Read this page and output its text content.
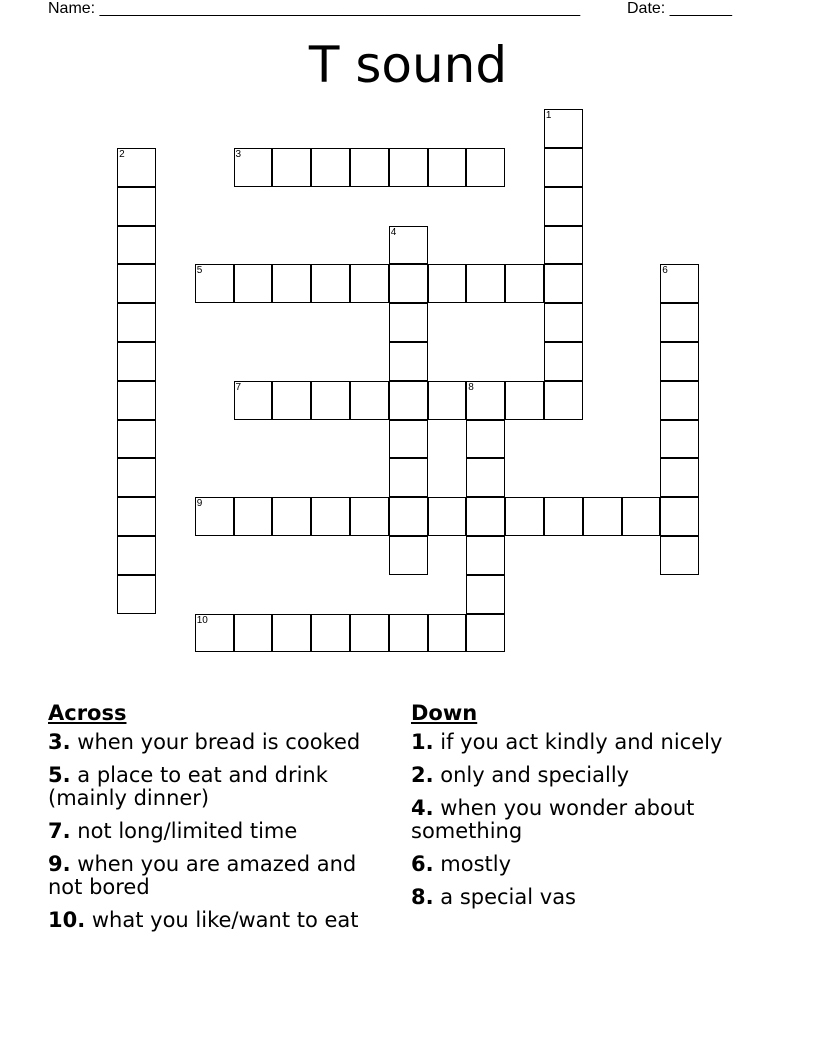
Name: ______________________________________________________	Date: _______
T sound
1
2	3
4
5	6
7	8
9
10
Across
3. when your bread is cooked
5. a place to eat and drink (mainly dinner)
7. not long/limited time
9. when you are amazed and not bored
10. what you like/want to eat
Down
1. if you act kindly and nicely
2. only and specially
4. when you wonder about something
6. mostly
8. a special vas
